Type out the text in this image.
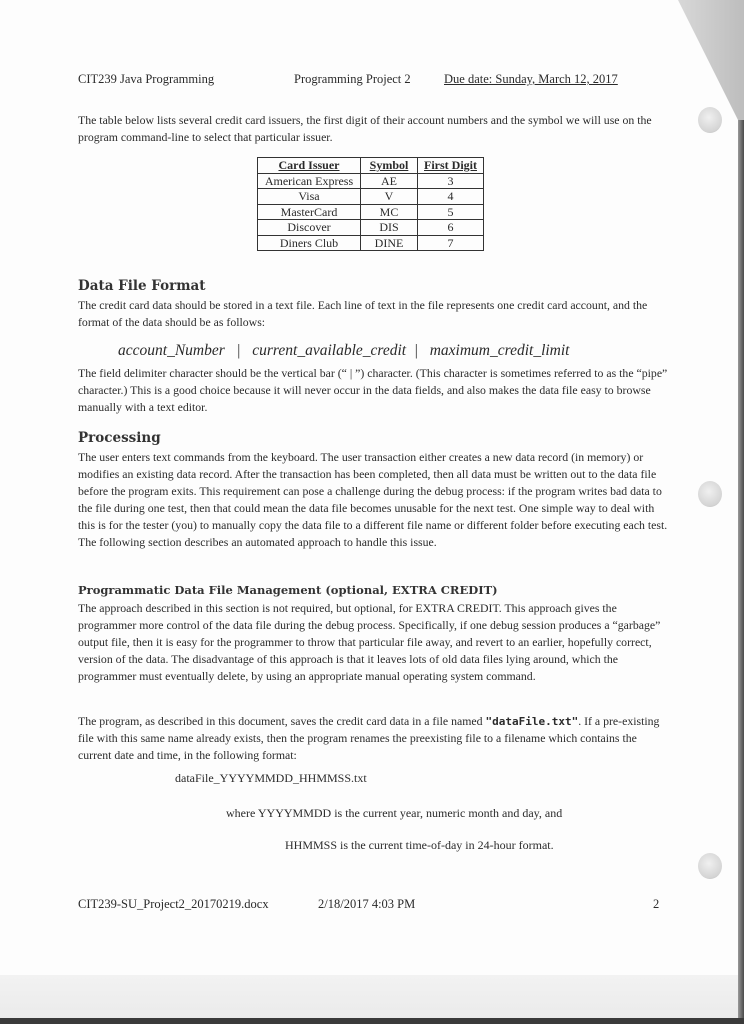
CIT239 Java Programming	Programming Project 2	Due date: Sunday, March 12, 2017

The table below lists several credit card issuers, the first digit of their account numbers and the symbol we will use on the program command-line to select that particular issuer.

Card Issuer	Symbol	First Digit
American Express	AE	3
Visa	V	4
MasterCard	MC	5
Discover	DIS	6
Diners Club	DINE	7
Data File Format

The credit card data should be stored in a text file. Each line of text in the file represents one credit card account, and the format of the data should be as follows:

account_Number   |   current_available_credit  |   maximum_credit_limit

The field delimiter character should be the vertical bar (“ | ”) character. (This character is sometimes referred to as the “pipe” character.) This is a good choice because it will never occur in the data fields, and also makes the data file easy to browse manually with a text editor.

Processing

The user enters text commands from the keyboard. The user transaction either creates a new data record (in memory) or modifies an existing data record. After the transaction has been completed, then all data must be written out to the data file before the program exits. This requirement can pose a challenge during the debug process: if the program writes bad data to the file during one test, then that could mean the data file becomes unusable for the next test. One simple way to deal with this is for the tester (you) to manually copy the data file to a different file name or different folder before executing each test. The following section describes an automated approach to handle this issue.

Programmatic Data File Management (optional, EXTRA CREDIT)

The approach described in this section is not required, but optional, for EXTRA CREDIT. This approach gives the programmer more control of the data file during the debug process. Specifically, if one debug session produces a “garbage” output file, then it is easy for the programmer to throw that particular file away, and revert to an earlier, hopefully correct, version of the data. The disadvantage of this approach is that it leaves lots of old data files lying around, which the programmer must eventually delete, by using an appropriate manual operating system command.

The program, as described in this document, saves the credit card data in a file named "dataFile.txt". If a pre-existing file with this same name already exists, then the program renames the preexisting file to a filename which contains the current date and time, in the following format:

dataFile_YYYYMMDD_HHMMSS.txt
where YYYYMMDD is the current year, numeric month and day, and
HHMMSS is the current time-of-day in 24-hour format.
CIT239-SU_Project2_20170219.docx	2/18/2017 4:03 PM	2
